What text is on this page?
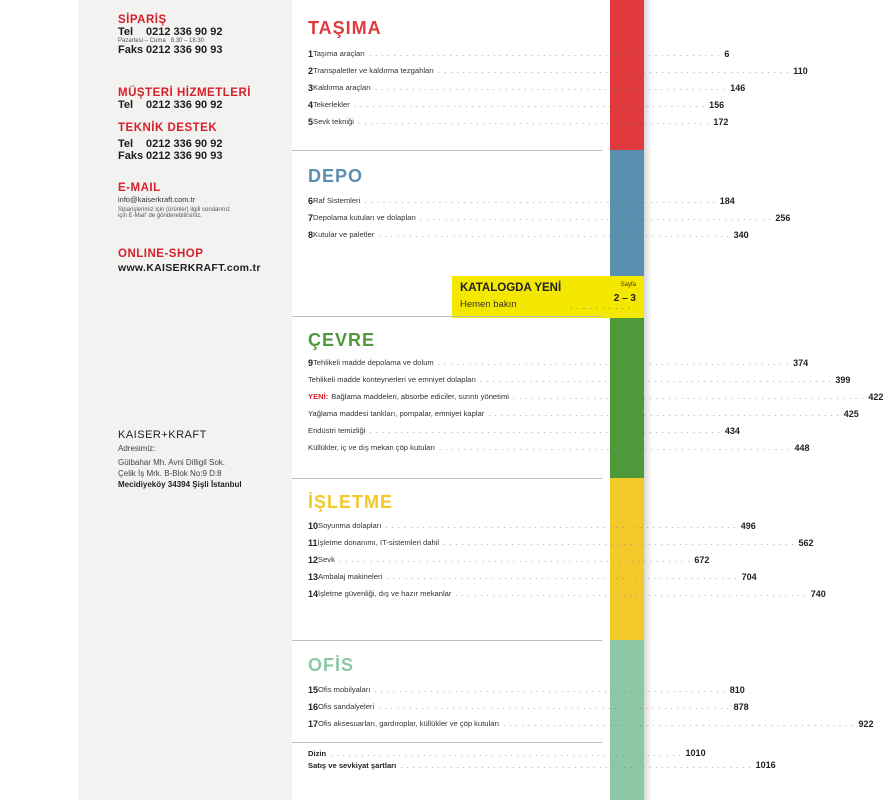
SİPARİŞ
Tel	0212 336 90 92
Pazartesi – Cuma 8.30 – 18.30
Faks 0212 336 90 93
MÜŞTERİ HİZMETLERİ
Tel	0212 336 90 92
TEKNİK DESTEK
Tel	0212 336 90 92
Faks 0212 336 90 93
E-MAIL
info@kaiserkraft.com.tr
Siparişlerimiz için (ürünler) ilgili sorularınız
için E-Mail' de gönderebilirsiniz.
ONLINE-SHOP
www.KAISERKRAFT.com.tr
KAISER+KRAFT
Adresimiz:
Gülbahar Mh. Avni Dilligil Sok.
Çelik İş Mrk. B-Blok No:9 D:8
Mecidiyeköy 34394 Şişli İstanbul
TAŞIMA
1 Taşıma araçları . . . . . . . . . . . . . . . . . . . . . . . . . . . . . . . . . . . . . . . . . . . . . . . . . . . . . . . . . 6
2 Transpaletler ve kaldırma tezgahları . . . . . . . . . . . . . . . . . . . . . . . . . . . . . . . . . . . . . . . . . . . . . . . . . . . . . . . . . 110
3 Kaldırma araçları . . . . . . . . . . . . . . . . . . . . . . . . . . . . . . . . . . . . . . . . . . . . . . . . . . . . . . . . . 146
4 Tekerlekler . . . . . . . . . . . . . . . . . . . . . . . . . . . . . . . . . . . . . . . . . . . . . . . . . . . . . . . . . 156
5 Sevk tekniği . . . . . . . . . . . . . . . . . . . . . . . . . . . . . . . . . . . . . . . . . . . . . . . . . . . . . . . . . 172
DEPO
6 Raf Sistemleri . . . . . . . . . . . . . . . . . . . . . . . . . . . . . . . . . . . . . . . . . . . . . . . . . . . . . . . . . 184
7 Depolama kutuları ve dolapları . . . . . . . . . . . . . . . . . . . . . . . . . . . . . . . . . . . . . . . . . . . . . . . . . . . . . . . . . 256
8 Kutular ve paletler . . . . . . . . . . . . . . . . . . . . . . . . . . . . . . . . . . . . . . . . . . . . . . . . . . . . . . . . . 340
KATALOGDA YENİ
Hemen bakın	. . . . . . . . . .
Sayfa
2 – 3
ÇEVRE
9 Tehlikeli madde depolama ve dolum . . . . . . . . . . . . . . . . . . . . . . . . . . . . . . . . . . . . . . . . . . . . . . . . . . . . . . . . . 374
Tehlikeli madde konteynerleri ve emniyet dolapları . . . . . . . . . . . . . . . . . . . . . . . . . . . . . . . . . . . . . . . . . . . . . . . . . . . . . . . . . 399
YENİ: Bağlama maddeleri, absorbe ediciler, sızıntı yönetimi . . . . . . . . . . . . . . . . . . . . . . . . . . . . . . . . . . . . . . . . . . . . . . . . . . . . . . . . . 422
Yağlama maddesi tankları, pompalar, emniyet kaplar . . . . . . . . . . . . . . . . . . . . . . . . . . . . . . . . . . . . . . . . . . . . . . . . . . . . . . . . . 425
Endüstri temizliği . . . . . . . . . . . . . . . . . . . . . . . . . . . . . . . . . . . . . . . . . . . . . . . . . . . . . . . . . 434
Küllükler, iç ve dış mekan çöp kutuları . . . . . . . . . . . . . . . . . . . . . . . . . . . . . . . . . . . . . . . . . . . . . . . . . . . . . . . . . 448
İŞLETME
10 Soyunma dolapları . . . . . . . . . . . . . . . . . . . . . . . . . . . . . . . . . . . . . . . . . . . . . . . . . . . . . . . . . 496
11 İşletme donanımı, IT-sistemleri dahil . . . . . . . . . . . . . . . . . . . . . . . . . . . . . . . . . . . . . . . . . . . . . . . . . . . . . . . . . 562
12 Sevk . . . . . . . . . . . . . . . . . . . . . . . . . . . . . . . . . . . . . . . . . . . . . . . . . . . . . . . . . 672
13 Ambalaj makineleri . . . . . . . . . . . . . . . . . . . . . . . . . . . . . . . . . . . . . . . . . . . . . . . . . . . . . . . . . 704
14 İşletme güvenliği, dış ve hazır mekanlar . . . . . . . . . . . . . . . . . . . . . . . . . . . . . . . . . . . . . . . . . . . . . . . . . . . . . . . . . 740
OFİS
15 Ofis mobilyaları . . . . . . . . . . . . . . . . . . . . . . . . . . . . . . . . . . . . . . . . . . . . . . . . . . . . . . . . . 810
16 Ofis sandalyeleri . . . . . . . . . . . . . . . . . . . . . . . . . . . . . . . . . . . . . . . . . . . . . . . . . . . . . . . . . 878
17 Ofis aksesuarları, gardıroplar, küllükler ve çöp kutuları . . . . . . . . . . . . . . . . . . . . . . . . . . . . . . . . . . . . . . . . . . . . . . . . . . . . . . . . . 922
Dizin . . . . . . . . . . . . . . . . . . . . . . . . . . . . . . . . . . . . . . . . . . . . . . . . . . . . . . . . . 1010
Satış ve sevkiyat şartları . . . . . . . . . . . . . . . . . . . . . . . . . . . . . . . . . . . . . . . . . . . . . . . . . . . . . . . . . 1016
